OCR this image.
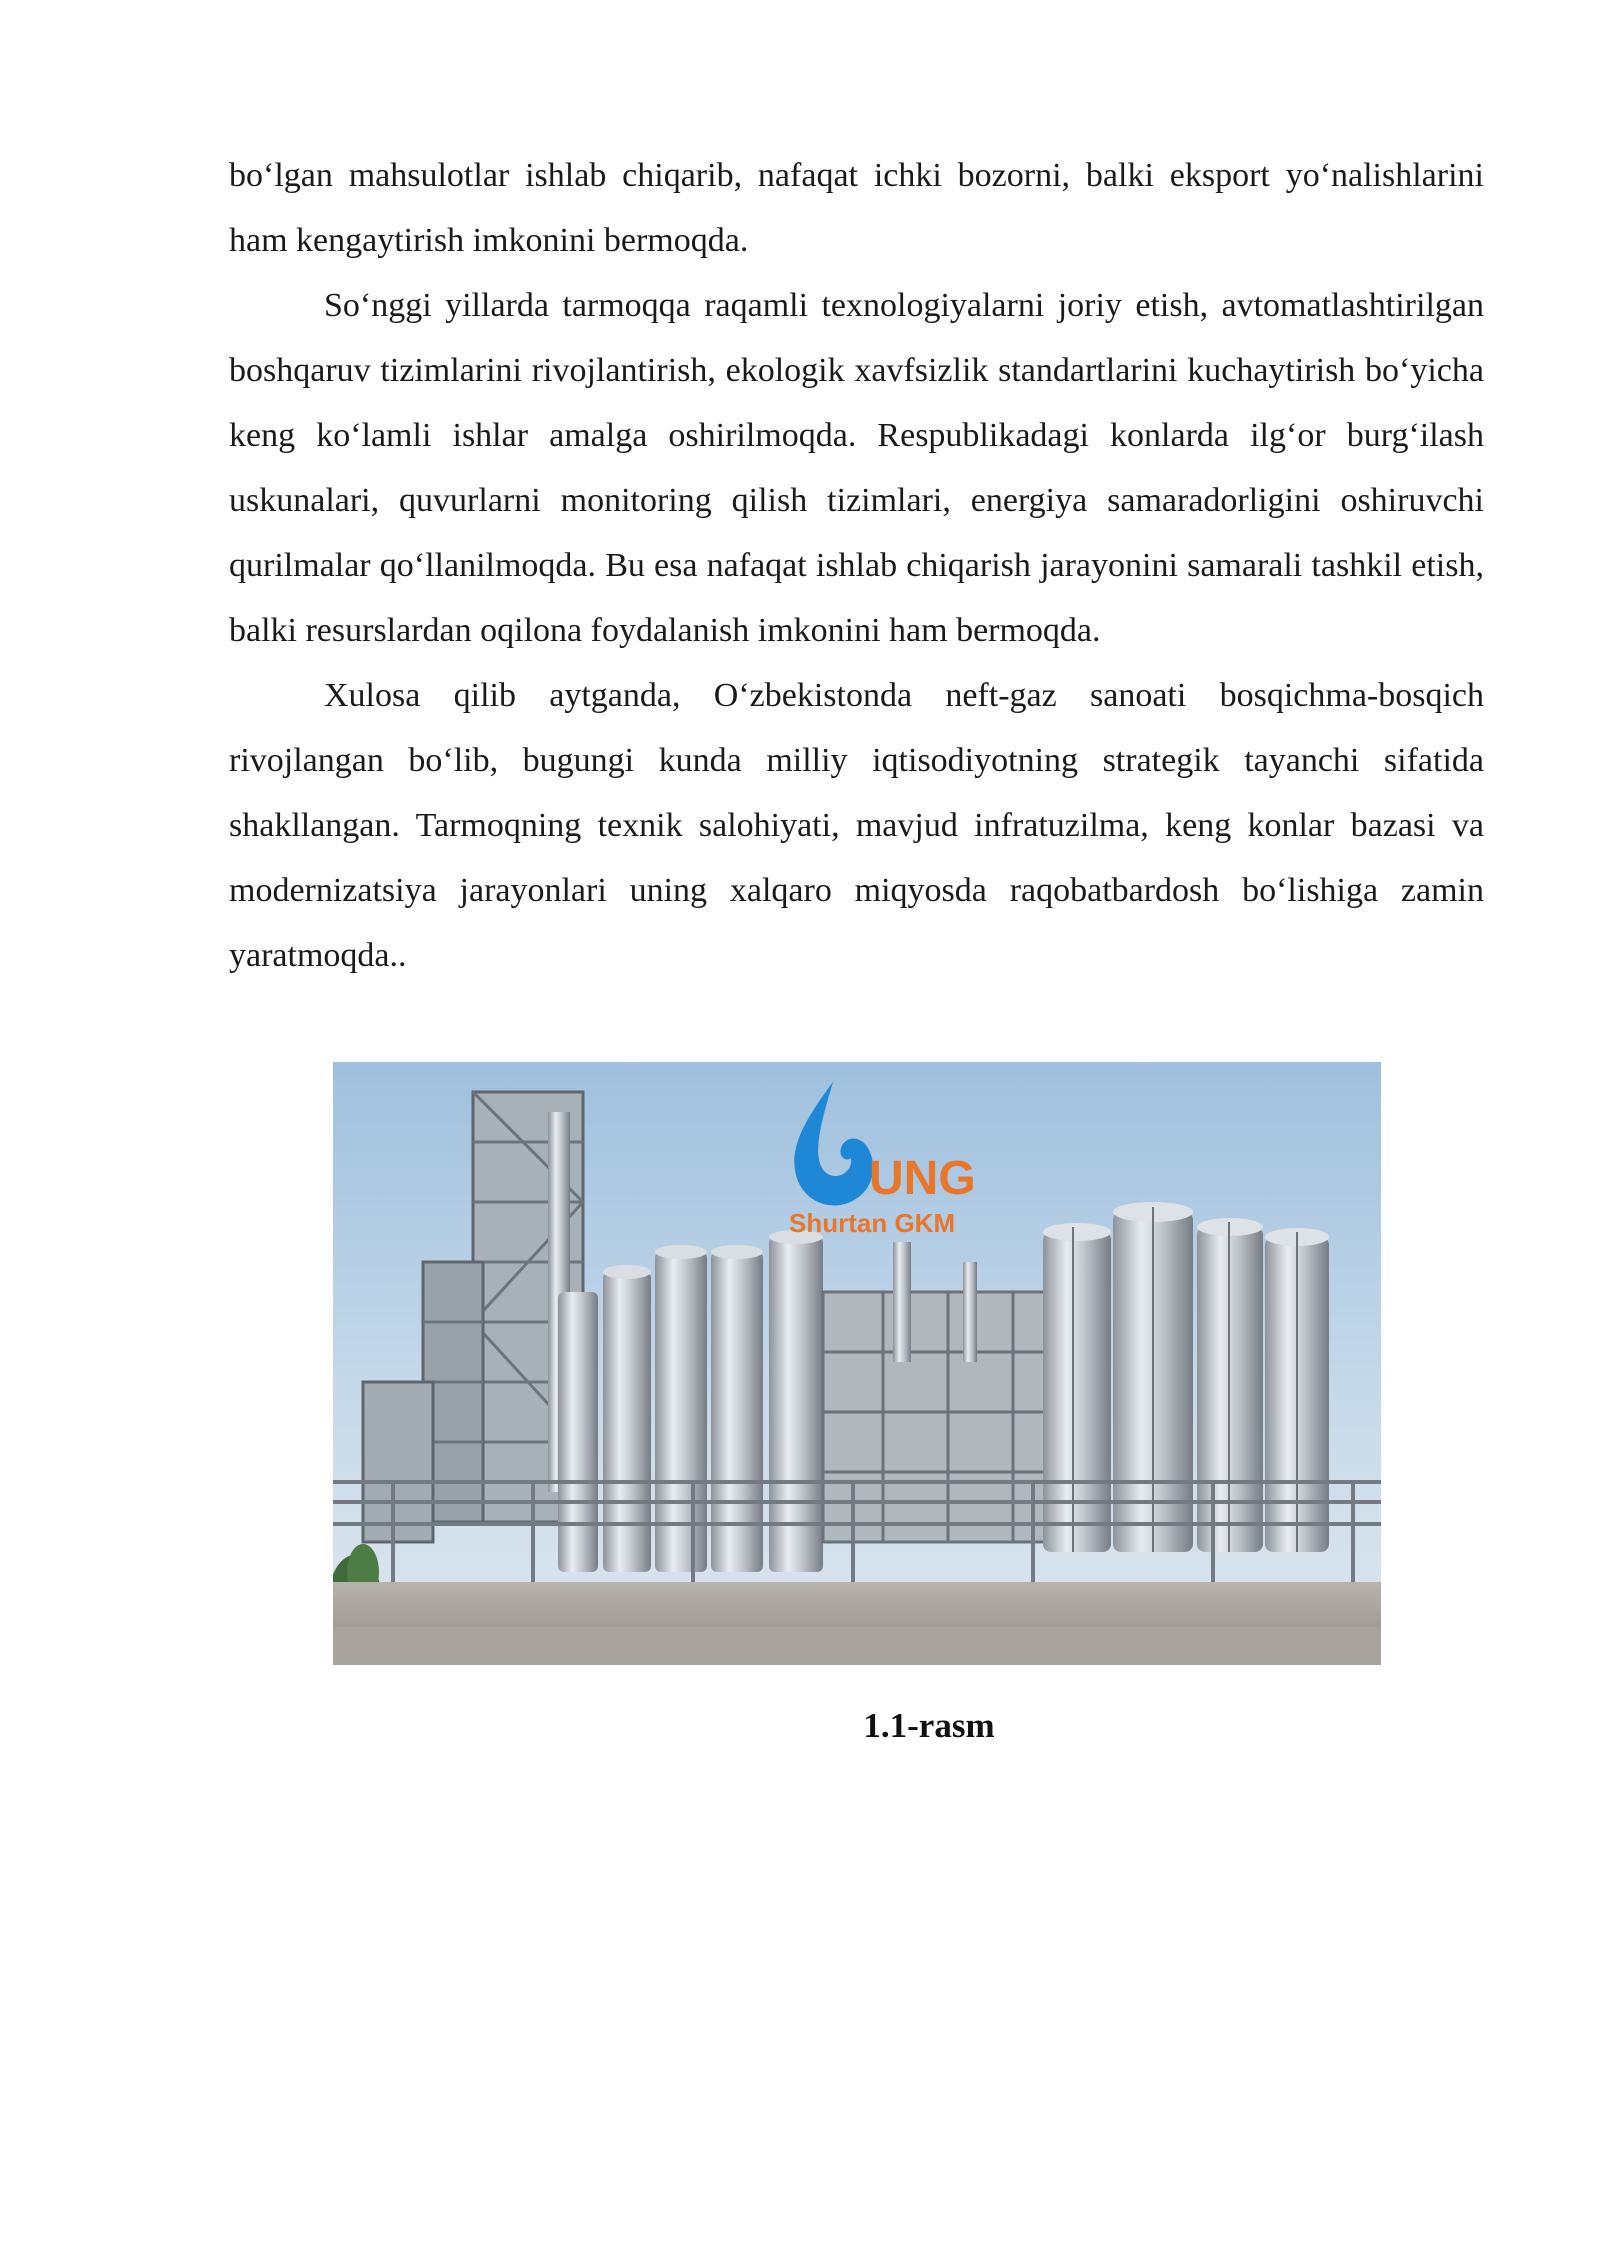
bo‘lgan mahsulotlar ishlab chiqarib, nafaqat ichki bozorni, balki eksport yo‘nalishlarini ham kengaytirish imkonini bermoqda.

So‘nggi yillarda tarmoqqa raqamli texnologiyalarni joriy etish, avtomatlashtirilgan boshqaruv tizimlarini rivojlantirish, ekologik xavfsizlik standartlarini kuchaytirish bo‘yicha keng ko‘lamli ishlar amalga oshirilmoqda. Respublikadagi konlarda ilg‘or burg‘ilash uskunalari, quvurlarni monitoring qilish tizimlari, energiya samaradorligini oshiruvchi qurilmalar qo‘llanilmoqda. Bu esa nafaqat ishlab chiqarish jarayonini samarali tashkil etish, balki resurslardan oqilona foydalanish imkonini ham bermoqda.

Xulosa qilib aytganda, O‘zbekistonda neft-gaz sanoati bosqichma-bosqich rivojlangan bo‘lib, bugungi kunda milliy iqtisodiyotning strategik tayanchi sifatida shakllangan. Tarmoqning texnik salohiyati, mavjud infratuzilma, keng konlar bazasi va modernizatsiya jarayonlari uning xalqaro miqyosda raqobatbardosh bo‘lishiga zamin yaratmoqda..

UNG
Shurtan GKM
1.1-rasm
